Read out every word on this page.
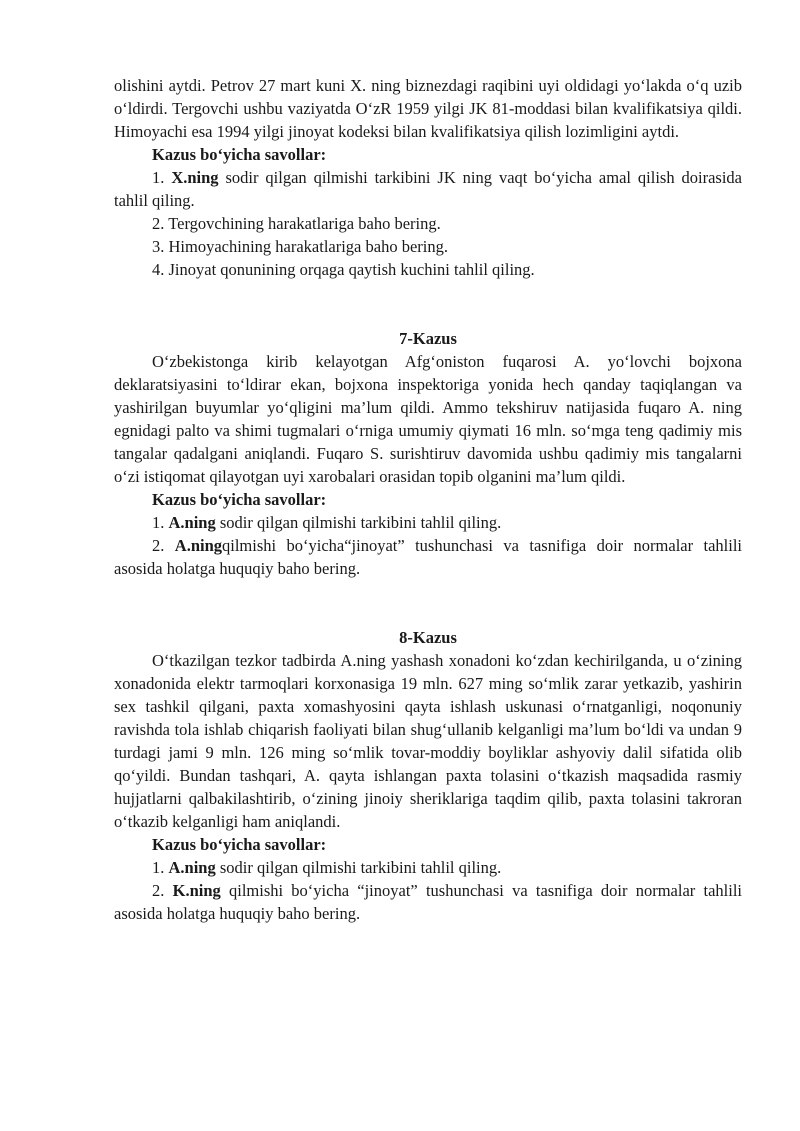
olishini aytdi. Petrov 27 mart kuni X. ning biznezdagi raqibini uyi oldidagi yo‘lakda o‘q uzib o‘ldirdi. Tergovchi ushbu vaziyatda O‘zR 1959 yilgi JK 81-moddasi bilan kvalifikatsiya qildi. Himoyachi esa 1994 yilgi jinoyat kodeksi bilan kvalifikatsiya qilish lozimligini aytdi.

Kazus bo‘yicha savollar:

1. X.ning sodir qilgan qilmishi tarkibini JK ning vaqt bo‘yicha amal qilish doirasida tahlil qiling.

2. Tergovchining harakatlariga baho bering.

3. Himoyachining harakatlariga baho bering.

4. Jinoyat qonunining orqaga qaytish kuchini tahlil qiling.

7-Kazus

O‘zbekistonga kirib kelayotgan Afg‘oniston fuqarosi A. yo‘lovchi bojxona deklaratsiyasini to‘ldirar ekan, bojxona inspektoriga yonida hech qanday taqiqlangan va yashirilgan buyumlar yo‘qligini ma’lum qildi. Ammo tekshiruv natijasida fuqaro A. ning egnidagi palto va shimi tugmalari o‘rniga umumiy qiymati 16 mln. so‘mga teng qadimiy mis tangalar qadalgani aniqlandi. Fuqaro S. surishtiruv davomida ushbu qadimiy mis tangalarni o‘zi istiqomat qilayotgan uyi xarobalari orasidan topib olganini ma’lum qildi.

Kazus bo‘yicha savollar:

1. A.ning sodir qilgan qilmishi tarkibini tahlil qiling.

2. A.ningqilmishi bo‘yicha“jinoyat” tushunchasi va tasnifiga doir normalar tahlili asosida holatga huquqiy baho bering.

8-Kazus

O‘tkazilgan tezkor tadbirda A.ning yashash xonadoni ko‘zdan kechirilganda, u o‘zining xonadonida elektr tarmoqlari korxonasiga 19 mln. 627 ming so‘mlik zarar yetkazib, yashirin sex tashkil qilgani, paxta xomashyosini qayta ishlash uskunasi o‘rnatganligi, noqonuniy ravishda tola ishlab chiqarish faoliyati bilan shug‘ullanib kelganligi ma’lum bo‘ldi va undan 9 turdagi jami 9 mln. 126 ming so‘mlik tovar-moddiy boyliklar ashyoviy dalil sifatida olib qo‘yildi. Bundan tashqari, A. qayta ishlangan paxta tolasini o‘tkazish maqsadida rasmiy hujjatlarni qalbakilashtirib, o‘zining jinoiy sheriklariga taqdim qilib, paxta tolasini takroran o‘tkazib kelganligi ham aniqlandi.

Kazus bo‘yicha savollar:

1. A.ning sodir qilgan qilmishi tarkibini tahlil qiling.

2. K.ning qilmishi bo‘yicha “jinoyat” tushunchasi va tasnifiga doir normalar tahlili asosida holatga huquqiy baho bering.
